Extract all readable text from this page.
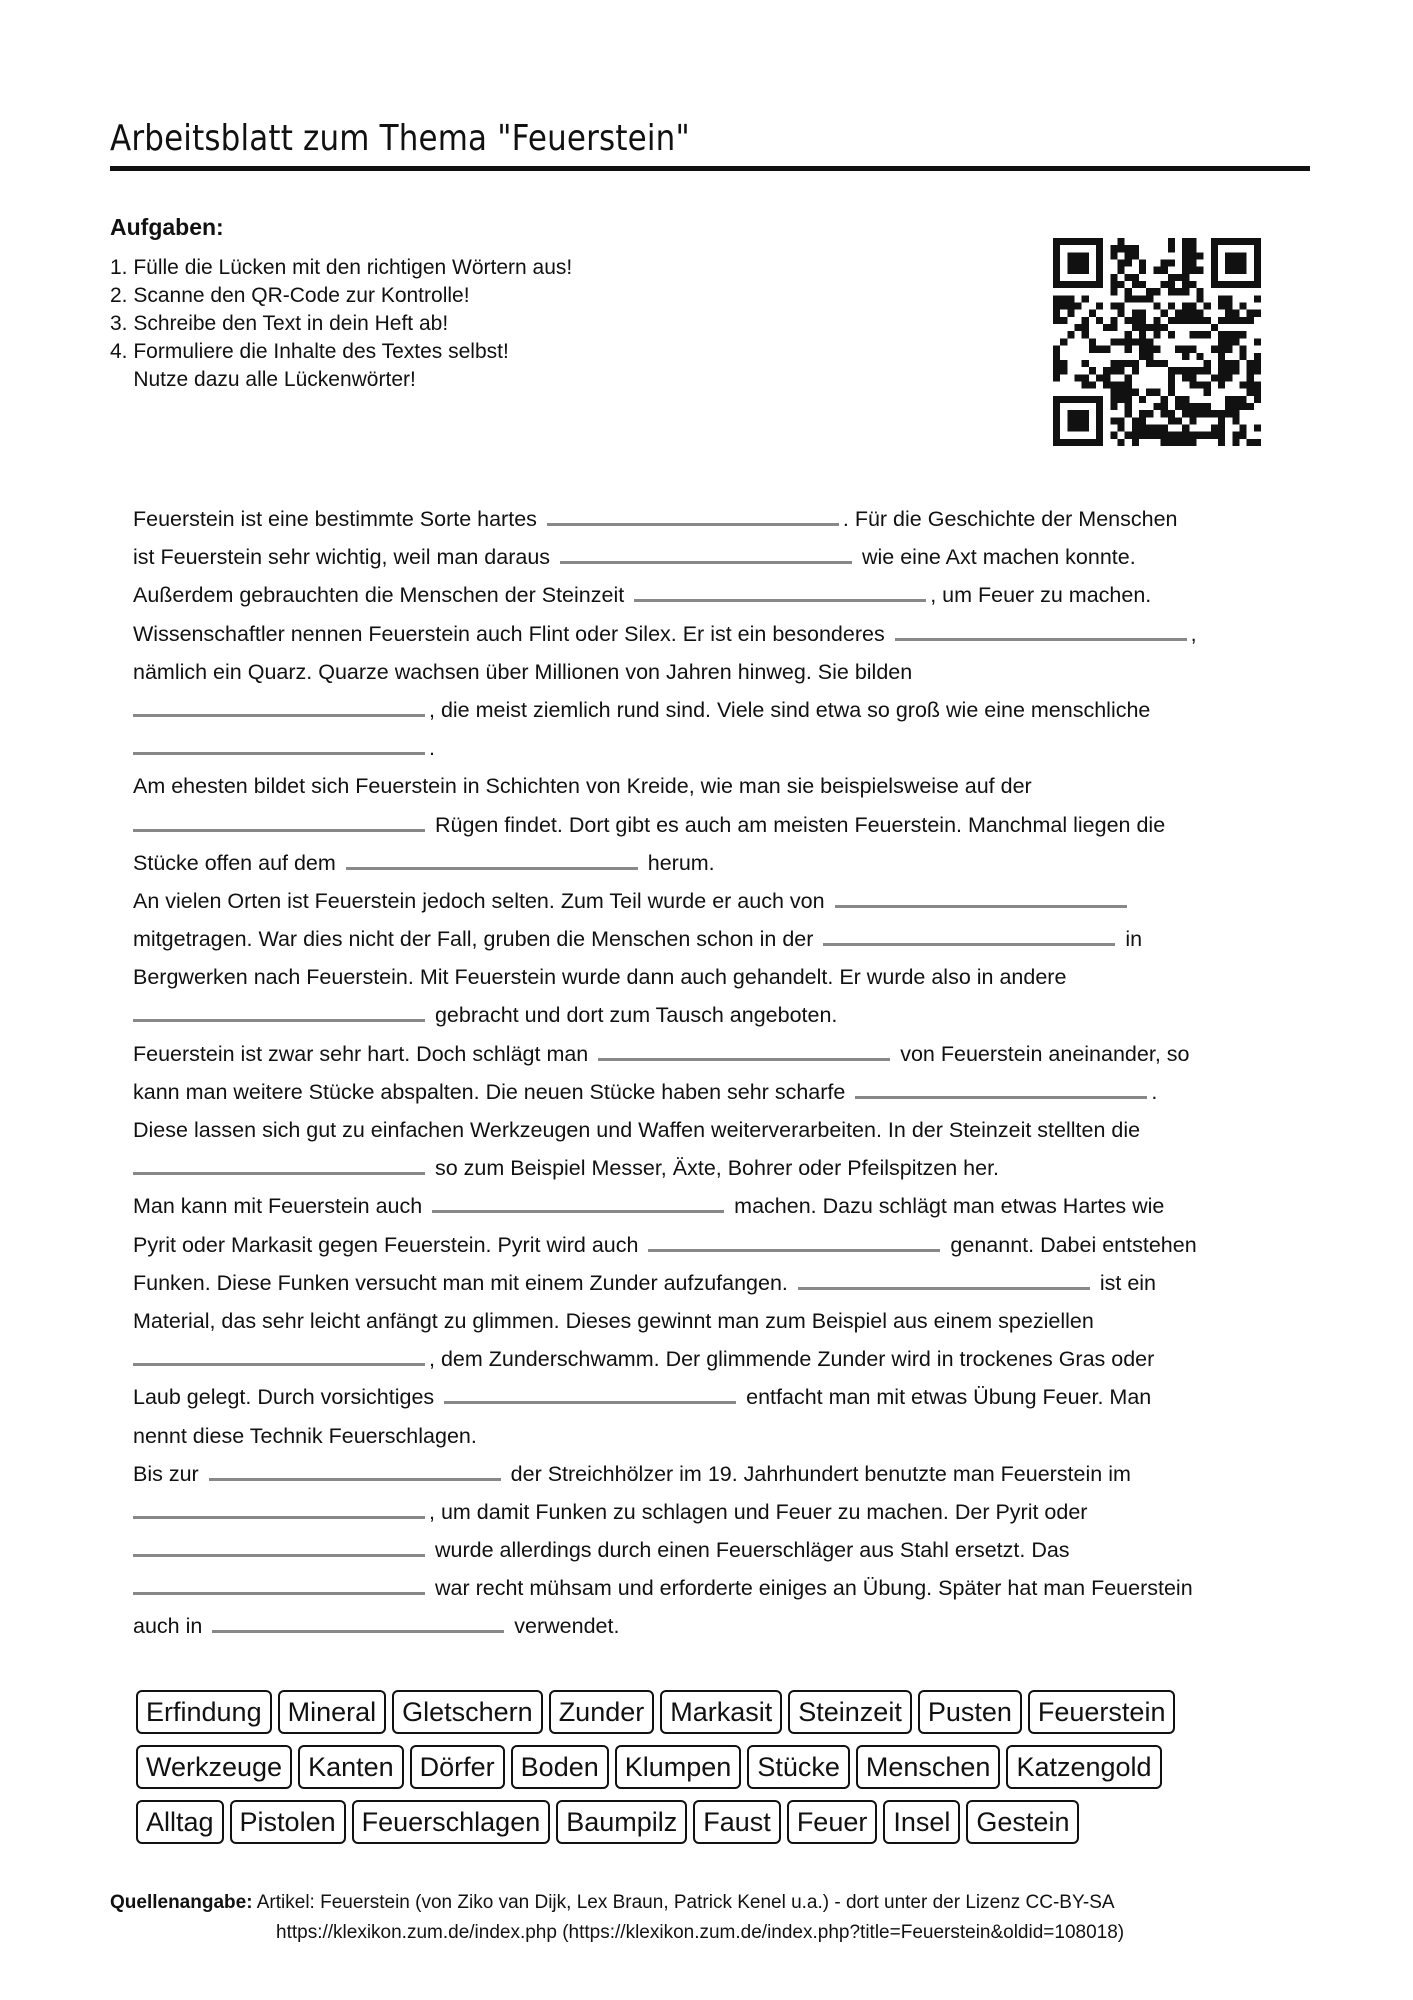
Arbeitsblatt zum Thema "Feuerstein"
Aufgaben:
1. Fülle die Lücken mit den richtigen Wörtern aus!
2. Scanne den QR-Code zur Kontrolle!
3. Schreibe den Text in dein Heft ab!
4. Formuliere die Inhalte des Textes selbst!
Nutze dazu alle Lückenwörter!
Feuerstein ist eine bestimmte Sorte hartes	. Für die Geschichte der Menschen
ist Feuerstein sehr wichtig, weil man daraus	wie eine Axt machen konnte.
Außerdem gebrauchten die Menschen der Steinzeit	, um Feuer zu machen.
Wissenschaftler nennen Feuerstein auch Flint oder Silex. Er ist ein besonderes	,
nämlich ein Quarz. Quarze wachsen über Millionen von Jahren hinweg. Sie bilden
, die meist ziemlich rund sind. Viele sind etwa so groß wie eine menschliche
.
Am ehesten bildet sich Feuerstein in Schichten von Kreide, wie man sie beispielsweise auf der
Rügen findet. Dort gibt es auch am meisten Feuerstein. Manchmal liegen die
Stücke offen auf dem	herum.
An vielen Orten ist Feuerstein jedoch selten. Zum Teil wurde er auch von
mitgetragen. War dies nicht der Fall, gruben die Menschen schon in der	in
Bergwerken nach Feuerstein. Mit Feuerstein wurde dann auch gehandelt. Er wurde also in andere
gebracht und dort zum Tausch angeboten.
Feuerstein ist zwar sehr hart. Doch schlägt man	von Feuerstein aneinander, so
kann man weitere Stücke abspalten. Die neuen Stücke haben sehr scharfe	.
Diese lassen sich gut zu einfachen Werkzeugen und Waffen weiterverarbeiten. In der Steinzeit stellten die
so zum Beispiel Messer, Äxte, Bohrer oder Pfeilspitzen her.
Man kann mit Feuerstein auch	machen. Dazu schlägt man etwas Hartes wie
Pyrit oder Markasit gegen Feuerstein. Pyrit wird auch	genannt. Dabei entstehen
Funken. Diese Funken versucht man mit einem Zunder aufzufangen.	ist ein
Material, das sehr leicht anfängt zu glimmen. Dieses gewinnt man zum Beispiel aus einem speziellen
, dem Zunderschwamm. Der glimmende Zunder wird in trockenes Gras oder
Laub gelegt. Durch vorsichtiges	entfacht man mit etwas Übung Feuer. Man
nennt diese Technik Feuerschlagen.
Bis zur	der Streichhölzer im 19. Jahrhundert benutzte man Feuerstein im
, um damit Funken zu schlagen und Feuer zu machen. Der Pyrit oder
wurde allerdings durch einen Feuerschläger aus Stahl ersetzt. Das
war recht mühsam und erforderte einiges an Übung. Später hat man Feuerstein
auch in	verwendet.
Erfindung Mineral Gletschern Zunder Markasit Steinzeit Pusten Feuerstein
Werkzeuge Kanten Dörfer Boden Klumpen Stücke Menschen Katzengold
Alltag Pistolen Feuerschlagen Baumpilz Faust Feuer Insel Gestein
Quellenangabe: Artikel: Feuerstein (von Ziko van Dijk, Lex Braun, Patrick Kenel u.a.) - dort unter der Lizenz CC-BY-SA
https://klexikon.zum.de/index.php (https://klexikon.zum.de/index.php?title=Feuerstein&oldid=108018)
